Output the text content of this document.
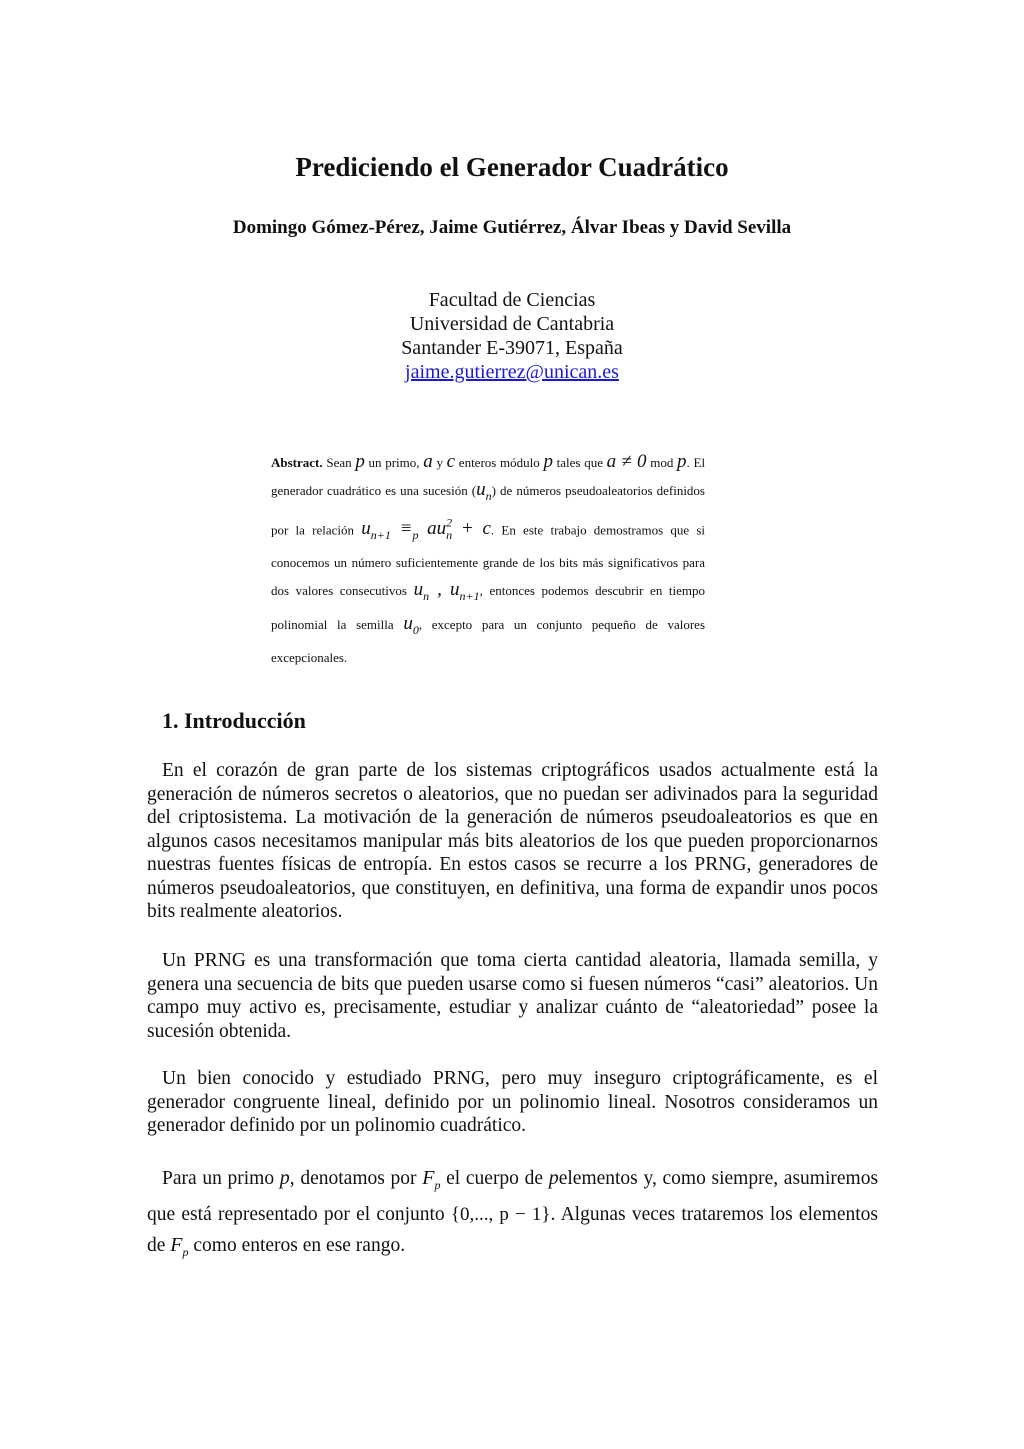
Prediciendo el Generador Cuadrático
Domingo Gómez-Pérez, Jaime Gutiérrez, Álvar Ibeas y David Sevilla
Facultad de Ciencias
Universidad de Cantabria
Santander E-39071, España
jaime.gutierrez@unican.es
Abstract. Sean p un primo, a y c enteros módulo p tales que a ≠ 0 mod p. El generador cuadrático es una sucesión $(u_n)$ de números pseudoaleatorios definidos por la relación $u_{n+1} \equiv_p$ $au^2_n + c$. En este trabajo demostramos que si conocemos un número suficientemente grande de los bits más significativos para dos valores consecutivos $u_n$ , $u_{n+1}$, entonces podemos descubrir en tiempo polinomial la semilla $u_0$, excepto para un conjunto pequeño de valores excepcionales.
1. Introducción
En el corazón de gran parte de los sistemas criptográficos usados actualmente está la generación de números secretos o aleatorios, que no puedan ser adivinados para la seguridad del criptosistema. La motivación de la generación de números pseudoaleatorios es que en algunos casos necesitamos manipular más bits aleatorios de los que pueden proporcionarnos nuestras fuentes físicas de entropía. En estos casos se recurre a los PRNG, generadores de números pseudoaleatorios, que constituyen, en definitiva, una forma de expandir unos pocos bits realmente aleatorios.
Un PRNG es una transformación que toma cierta cantidad aleatoria, llamada semilla, y genera una secuencia de bits que pueden usarse como si fuesen números “casi” aleatorios. Un campo muy activo es, precisamente, estudiar y analizar cuánto de “aleatoriedad” posee la sucesión obtenida.
Un bien conocido y estudiado PRNG, pero muy inseguro criptográficamente, es el generador congruente lineal, definido por un polinomio lineal. Nosotros consideramos un generador definido por un polinomio cuadrático.
Para un primo p, denotamos por $F_p$ el cuerpo de pelementos y, como siempre, asumiremos que está representado por el conjunto {0,..., p − 1}. Algunas veces trataremos los elementos de $F_p$ como enteros en ese rango.
